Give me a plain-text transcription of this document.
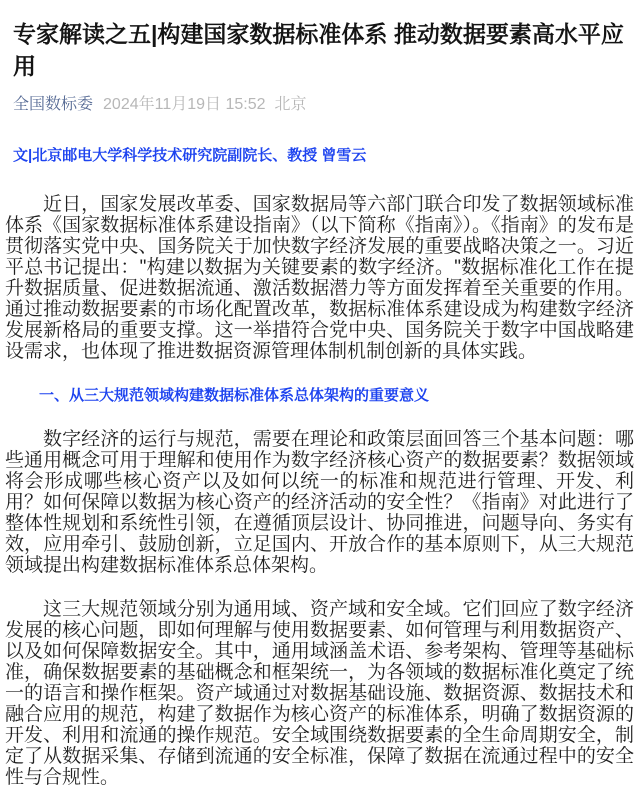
专家解读之五|构建国家数据标准体系 推动数据要素高水平应用
全国数标委 2024年11月19日 15:52 北京

文|北京邮电大学科学技术研究院副院长、教授 曾雪云

近日，国家发展改革委、国家数据局等六部门联合印发了数据领域标准体系《国家数据标准体系建设指南》（以下简称《指南》）。《指南》的发布是贯彻落实党中央、国务院关于加快数字经济发展的重要战略决策之一。习近平总书记提出："构建以数据为关键要素的数字经济。"数据标准化工作在提升数据质量、促进数据流通、激活数据潜力等方面发挥着至关重要的作用。通过推动数据要素的市场化配置改革，数据标准体系建设成为构建数字经济发展新格局的重要支撑。这一举措符合党中央、国务院关于数字中国战略建设需求，也体现了推进数据资源管理体制机制创新的具体实践。

一、从三大规范领域构建数据标准体系总体架构的重要意义

数字经济的运行与规范，需要在理论和政策层面回答三个基本问题：哪些通用概念可用于理解和使用作为数字经济核心资产的数据要素？数据领域将会形成哪些核心资产以及如何以统一的标准和规范进行管理、开发、利用？如何保障以数据为核心资产的经济活动的安全性？《指南》对此进行了整体性规划和系统性引领，在遵循顶层设计、协同推进，问题导向、务实有效，应用牵引、鼓励创新，立足国内、开放合作的基本原则下，从三大规范领域提出构建数据标准体系总体架构。

这三大规范领域分别为通用域、资产域和安全域。它们回应了数字经济发展的核心问题，即如何理解与使用数据要素、如何管理与利用数据资产、以及如何保障数据安全。其中，通用域涵盖术语、参考架构、管理等基础标准，确保数据要素的基础概念和框架统一，为各领域的数据标准化奠定了统一的语言和操作框架。资产域通过对数据基础设施、数据资源、数据技术和融合应用的规范，构建了数据作为核心资产的标准体系，明确了数据资源的开发、利用和流通的操作规范。安全域围绕数据要素的全生命周期安全，制定了从数据采集、存储到流通的安全标准，保障了数据在流通过程中的安全性与合规性。
